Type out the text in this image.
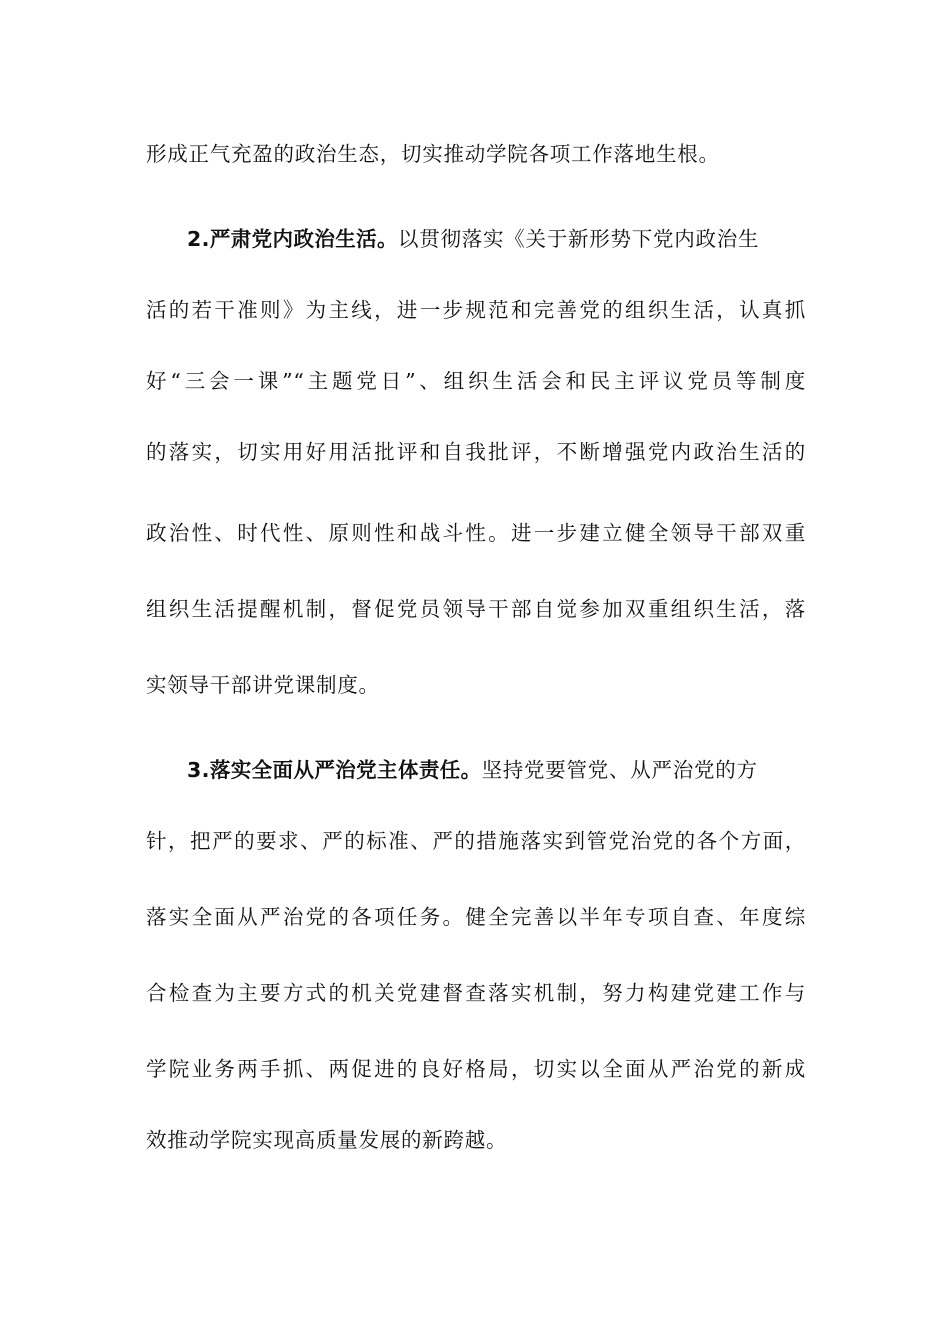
形成正气充盈的政治生态，切实推动学院各项工作落地生根。
2.严肃党内政治生活。以贯彻落实《关于新形势下党内政治生
活的若干准则》为主线，进一步规范和完善党的组织生活，认真抓
好“三会一课”“主题党日”、组织生活会和民主评议党员等制度
的落实，切实用好用活批评和自我批评，不断增强党内政治生活的
政治性、时代性、原则性和战斗性。进一步建立健全领导干部双重
组织生活提醒机制，督促党员领导干部自觉参加双重组织生活，落
实领导干部讲党课制度。
3.落实全面从严治党主体责任。坚持党要管党、从严治党的方
针，把严的要求、严的标准、严的措施落实到管党治党的各个方面，
落实全面从严治党的各项任务。健全完善以半年专项自查、年度综
合检查为主要方式的机关党建督查落实机制，努力构建党建工作与
学院业务两手抓、两促进的良好格局，切实以全面从严治党的新成
效推动学院实现高质量发展的新跨越。
